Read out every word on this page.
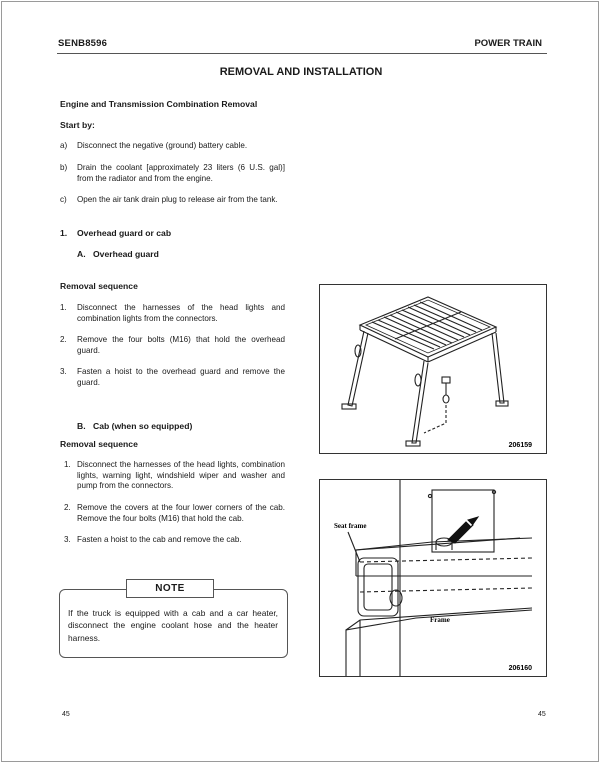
SENB8596	POWER TRAIN
REMOVAL AND INSTALLATION
Engine and Transmission Combination Removal
Start by:
a)	Disconnect the negative (ground) battery cable.
b)	Drain the coolant [approximately 23 liters (6 U.S. gal)] from the radiator and from the engine.
c)	Open the air tank drain plug to release air from the tank.
1. Overhead guard or cab
A. Overhead guard
Removal sequence
1.	Disconnect the harnesses of the head lights and combination lights from the connectors.
2.	Remove the four bolts (M16) that hold the overhead guard.
3.	Fasten a hoist to the overhead guard and remove the guard.
B. Cab (when so equipped)
Removal sequence
1. Disconnect the harnesses of the head lights, combination lights, warning light, windshield wiper and washer and pump from the connectors.
2. Remove the covers at the four lower corners of the cab. Remove the four bolts (M16) that hold the cab.
3. Fasten a hoist to the cab and remove the cab.
NOTE
If the truck is equipped with a cab and a car heater, disconnect the engine coolant hose and the heater harness.
206159
Seat frame
Frame
206160
45	45
